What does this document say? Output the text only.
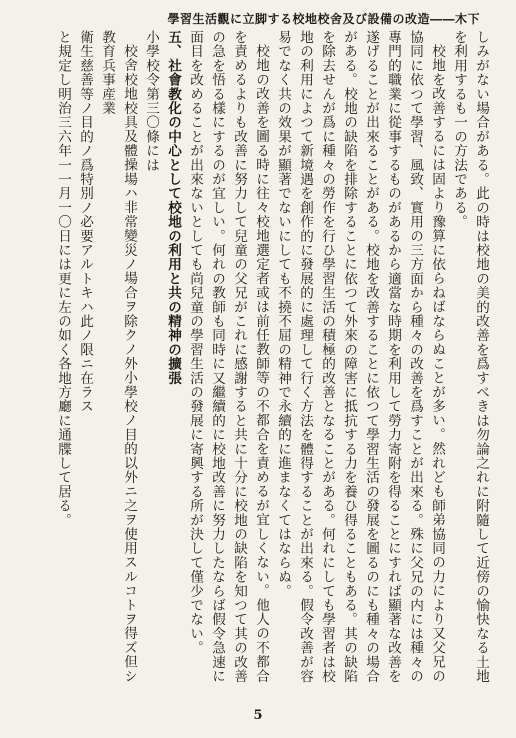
學習生活觀に立脚する校地校舍及び設備の改造――木下

しみがない場合がある。此の時は校地の美的改善を爲すべきは勿論之れに附隨して近傍の愉快なる土地を利用するも一の方法である。

校地を改善するには固より豫算に依らねばならぬことが多い。然れども師弟協同の力により又父兄の協同に依つて學習、風致、實用の三方面から種々の改善を爲すことが出來る。殊に父兄の内には種々の專門的職業に從事するものがあるから適當な時期を利用して勞力寄附を得ることにすれば顯著な改善を遂げることが出來ることがある。校地を改善することに依つて學習生活の發展を圖るのにも種々の場合がある。校地の缺陷を排除することに依つて外來の障害に抵抗する力を養ひ得ることもある。其の缺陷を除去せんが爲に種々の勞作を行ひ學習生活の積極的改善となることがある。何れにしても學習者は校地の利用によつて新境遇を創作的に發展的に處理して行く方法を體得することが出來る。假令改善が容易でなく共の效果が顯著でないにしても不撓不屈の精神で永續的に進まなくてはならぬ。

校地の改善を圖る時に往々校地選定者或は前任教師等の不都合を責めるが宜しくない。他人の不都合を責めるよりも改善に努力して兒童の父兄がこれに感謝すると共に十分に校地の缺陷を知つて其の改善の急を悟る樣にするのが宜しい。何れの教師も同時に又繼續的に校地改善に努力したならば假令急速に面目を改めることが出來ないとしても尚兒童の學習生活の發展に寄興する所が決して僅少でない。

五、社會教化の中心として校地の利用と共の精神の擴張

小學校令第三〇條には

校舍校地校具及體操場ハ非常變災ノ場合ヲ除クノ外小學校ノ目的以外ニ之ヲ使用スルコトヲ得ズ但シ教育兵事産業

衛生慈善等ノ目的ノ爲特別ノ必要アルトキハ此ノ限ニ在ラス

と規定し明治三六年一一月一〇日には更に左の如く各地方廳に通牒して居る。

5
